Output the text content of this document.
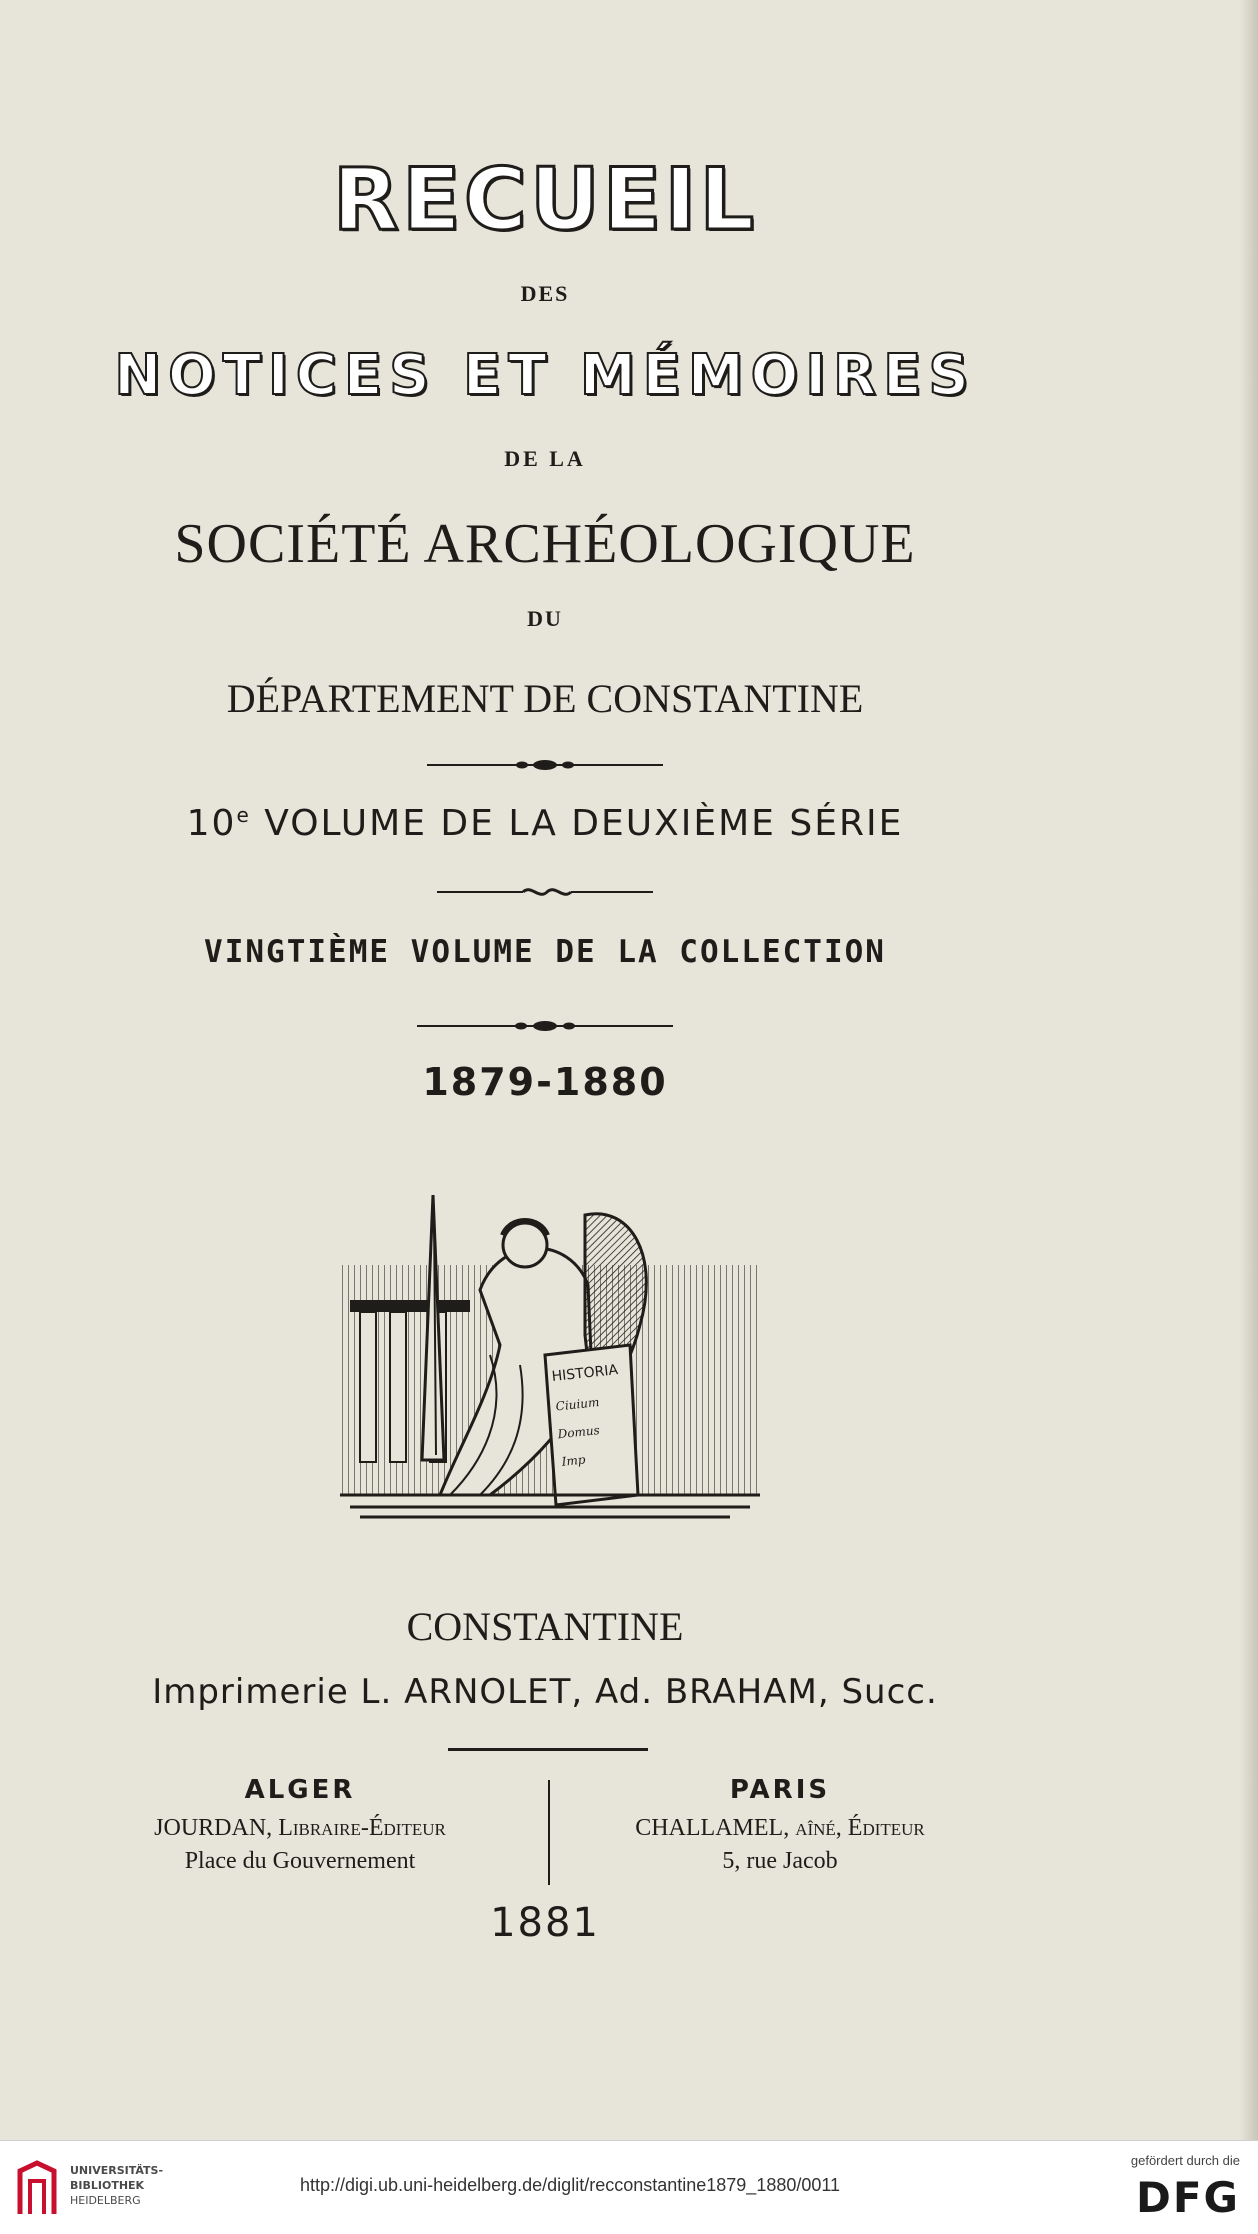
RECUEIL
DES
NOTICES ET MÉMOIRES
DE LA
SOCIÉTÉ ARCHÉOLOGIQUE
DU
DÉPARTEMENT DE CONSTANTINE
10e VOLUME DE LA DEUXIÈME SÉRIE
VINGTIÈME VOLUME DE LA COLLECTION
1879-1880
HISTORIA
Ciuium
Domus
Imp
CONSTANTINE
Imprimerie L. ARNOLET, Ad. BRAHAM, Succ.
ALGER
JOURDAN, Libraire-Éditeur
Place du Gouvernement
PARIS
CHALLAMEL, aîné, Éditeur
5, rue Jacob
1881
UNIVERSITÄTS-
BIBLIOTHEK
HEIDELBERG
http://digi.ub.uni-heidelberg.de/diglit/recconstantine1879_1880/0011
gefördert durch die
DFG
